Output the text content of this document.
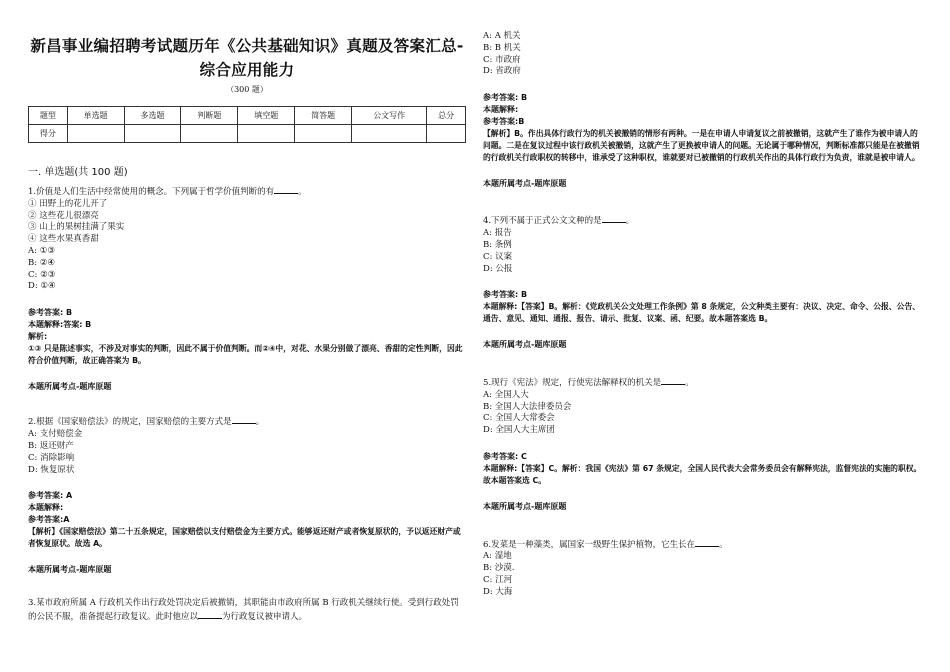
新昌事业编招聘考试题历年《公共基础知识》真题及答案汇总-综合应用能力
（300 题）
题型	单选题	多选题	判断题	填空题	简答题	公文写作	总分
得分							
一. 单选题(共 100 题)
1.价值是人们生活中经常使用的概念。下列属于哲学价值判断的有	。
① 田野上的花儿开了
② 这些花儿很漂亮
③ 山上的果树挂满了果实
④ 这些水果真香甜
A: ①③
B: ②④
C: ②③
D: ①④
参考答案: B
本题解释:答案: B
解析:
①③ 只是陈述事实，不涉及对事实的判断，因此不属于价值判断。而②④中，对花、水果分别做了漂亮、香甜的定性判断，因此符合价值判断，故正确答案为 B。
本题所属考点-题库原题
2.根据《国家赔偿法》的规定，国家赔偿的主要方式是	。
A: 支付赔偿金
B: 返还财产
C: 消除影响
D: 恢复原状
参考答案: A
本题解释:
参考答案:A
【解析】《国家赔偿法》第二十五条规定，国家赔偿以支付赔偿金为主要方式。能够返还财产或者恢复原状的，予以返还财产或者恢复原状。故选 A。
本题所属考点-题库原题
3.某市政府所属 A 行政机关作出行政处罚决定后被撤销，其职能由市政府所属 B 行政机关继续行使。受到行政处罚的公民不服，准备提起行政复议。此时他应以	为行政复议被申请人。
A: A 机关
B: B 机关
C: 市政府
D: 省政府
参考答案: B
本题解释:
参考答案:B
【解析】B。作出具体行政行为的机关被撤销的情形有两种。一是在申请人申请复议之前被撤销，这就产生了谁作为被申请人的问题。二是在复议过程中该行政机关被撤销，这就产生了更换被申请人的问题。无论属于哪种情况，判断标准都只能是在被撤销的行政机关行政职权的转移中，谁承受了这种职权，谁就要对已被撤销的行政机关作出的具体行政行为负责，谁就是被申请人。
本题所属考点-题库原题
4.下列不属于正式公文文种的是	。
A: 报告
B: 条例
C: 议案
D: 公报
参考答案: B
本题解释:【答案】B。解析：《党政机关公文处理工作条例》第 8 条规定，公文种类主要有：决议、决定、命令、公报、公告、通告、意见、通知、通报、报告、请示、批复、议案、函、纪要。故本题答案选 B。
本题所属考点-题库原题
5.现行《宪法》规定，行使宪法解释权的机关是	。
A: 全国人大
B: 全国人大法律委员会
C: 全国人大常委会
D: 全国人大主席团
参考答案: C
本题解释:【答案】C。解析：我国《宪法》第 67 条规定，全国人民代表大会常务委员会有解释宪法，监督宪法的实施的职权。故本题答案选 C。
本题所属考点-题库原题
6.发菜是一种藻类，属国家一级野生保护植物，它生长在	。
A: 湿地
B: 沙漠.
C: 江河
D: 大海
